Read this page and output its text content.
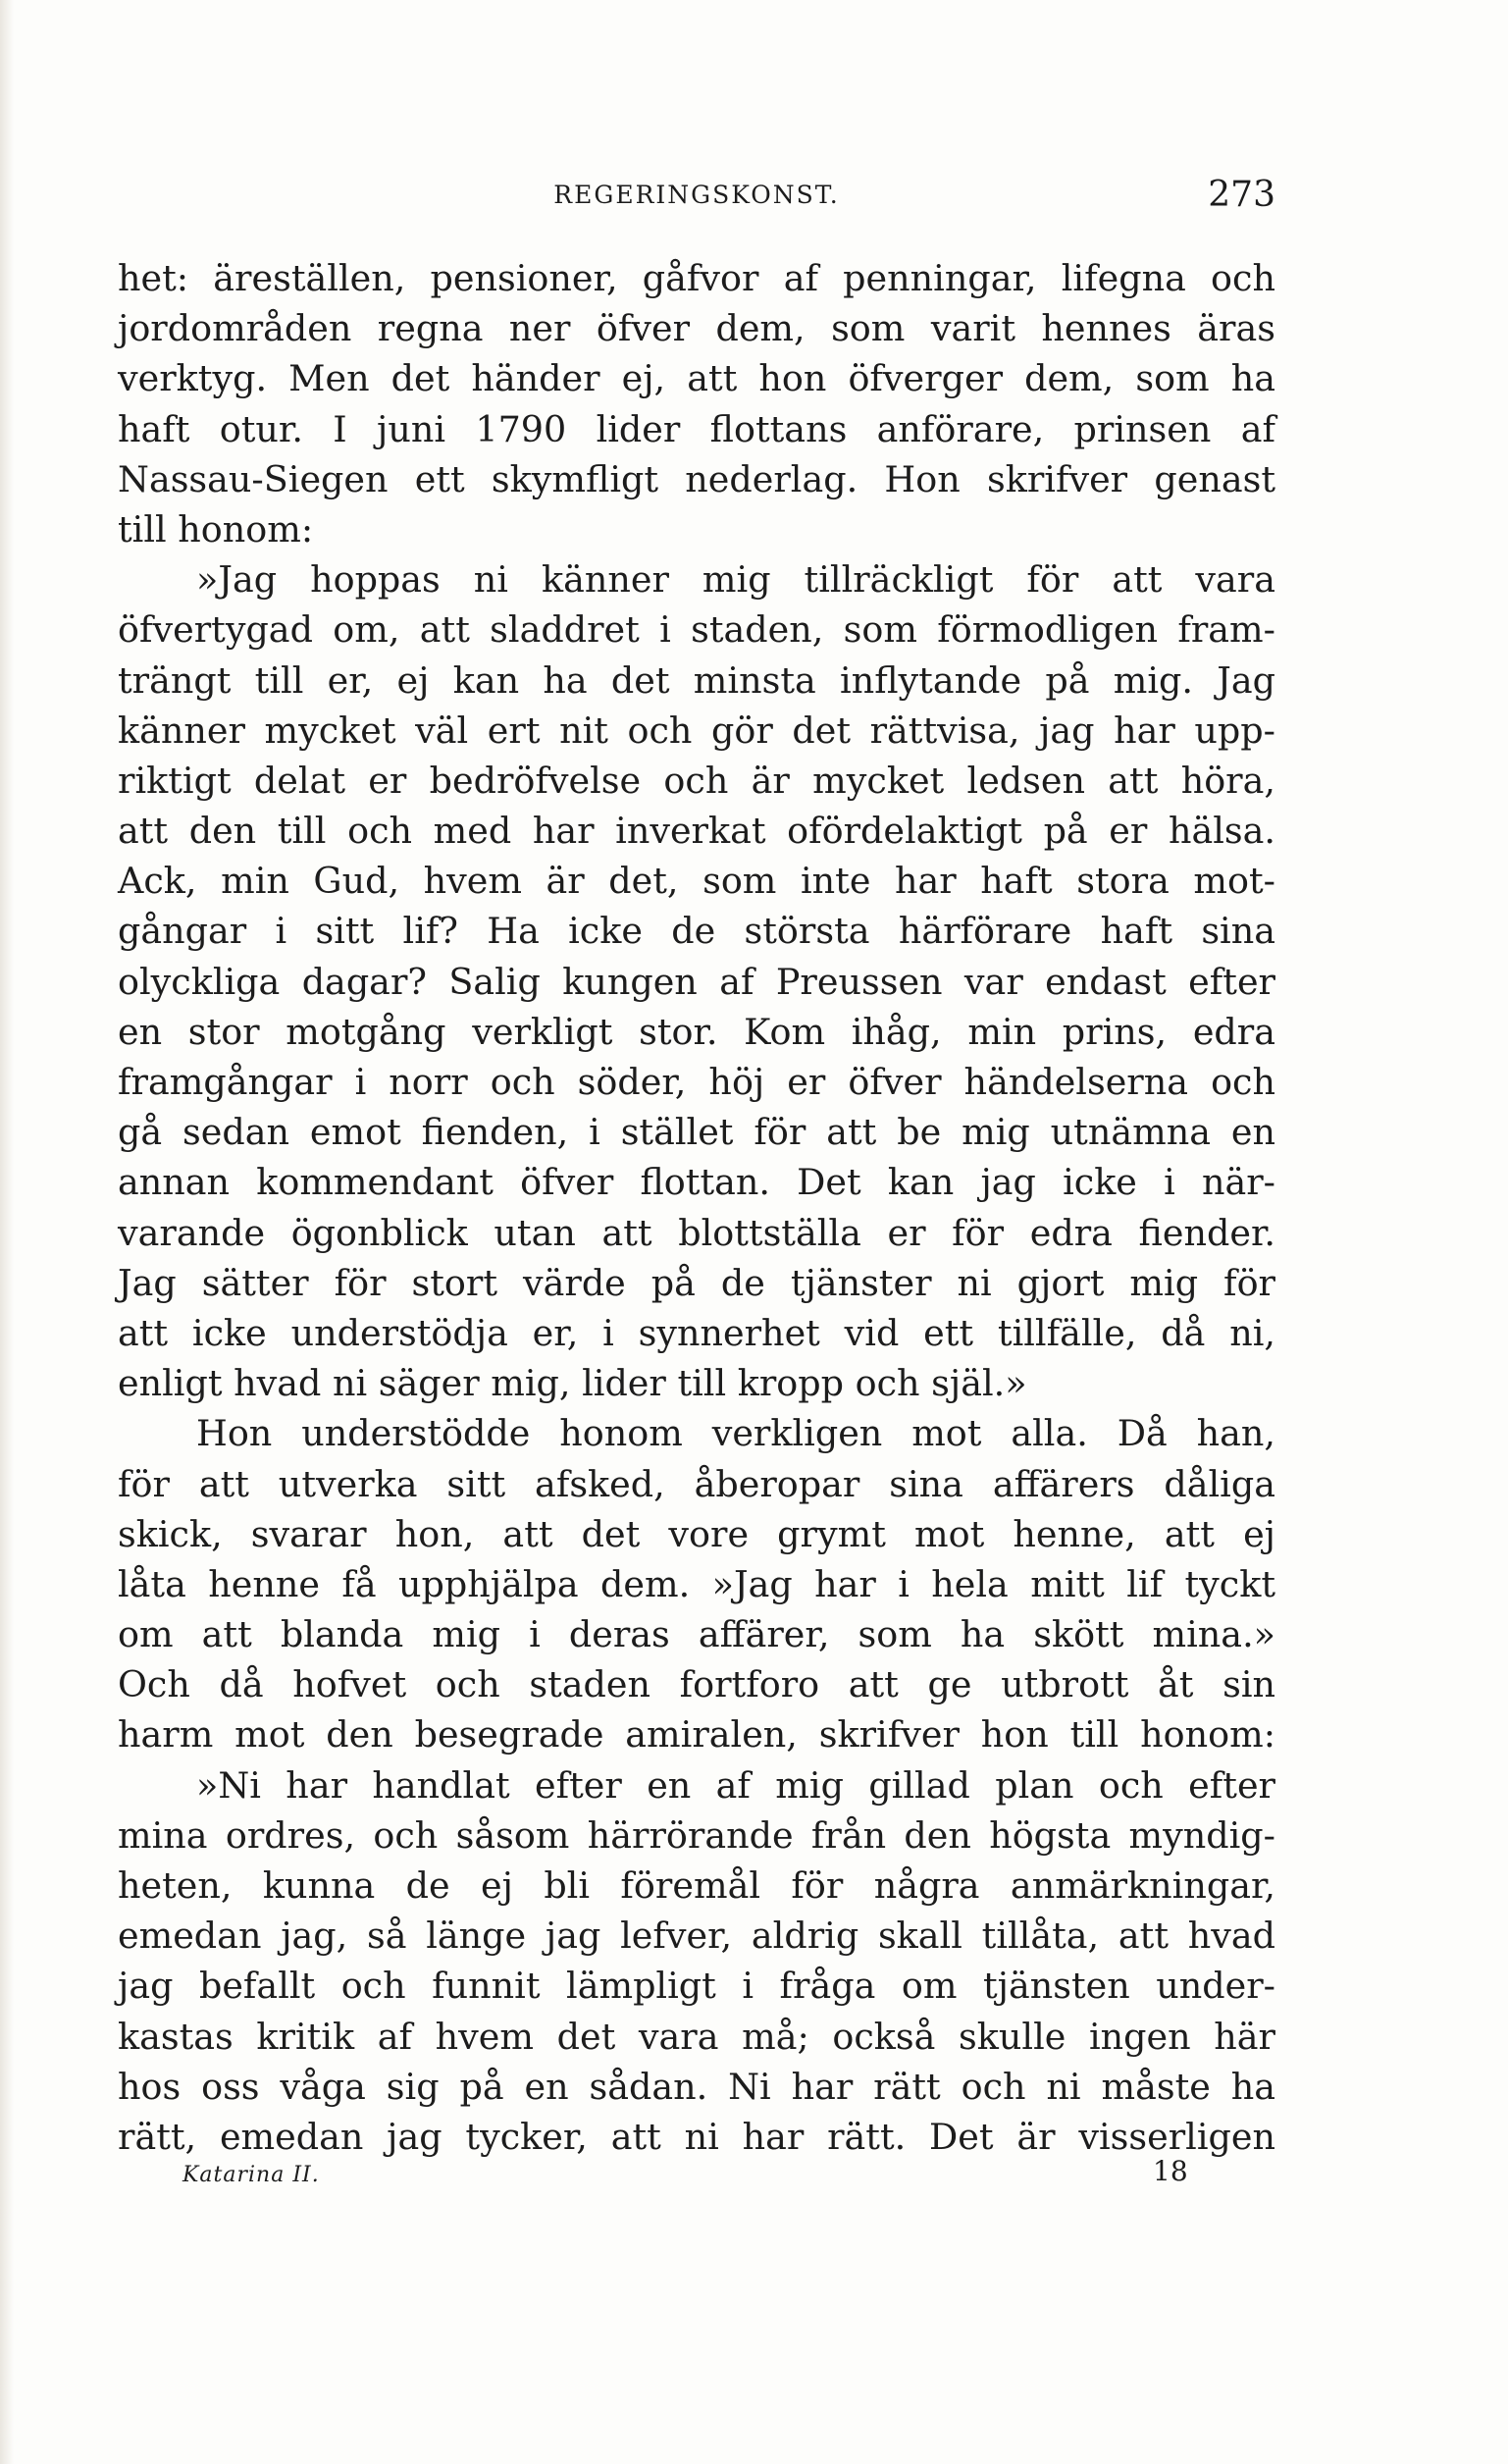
REGERINGSKONST.	273
het: äreställen, pensioner, gåfvor af penningar, lifegna och
jordområden regna ner öfver dem, som varit hennes äras
verktyg. Men det händer ej, att hon öfverger dem, som ha
haft otur. I juni 1790 lider flottans anförare, prinsen af
Nassau-Siegen ett skymfligt nederlag. Hon skrifver genast
till honom:
»Jag hoppas ni känner mig tillräckligt för att vara
öfvertygad om, att sladdret i staden, som förmodligen fram-
trängt till er, ej kan ha det minsta inflytande på mig. Jag
känner mycket väl ert nit och gör det rättvisa, jag har upp-
riktigt delat er bedröfvelse och är mycket ledsen att höra,
att den till och med har inverkat ofördelaktigt på er hälsa.
Ack, min Gud, hvem är det, som inte har haft stora mot-
gångar i sitt lif? Ha icke de största härförare haft sina
olyckliga dagar? Salig kungen af Preussen var endast efter
en stor motgång verkligt stor. Kom ihåg, min prins, edra
framgångar i norr och söder, höj er öfver händelserna och
gå sedan emot fienden, i stället för att be mig utnämna en
annan kommendant öfver flottan. Det kan jag icke i när-
varande ögonblick utan att blottställa er för edra fiender.
Jag sätter för stort värde på de tjänster ni gjort mig för
att icke understödja er, i synnerhet vid ett tillfälle, då ni,
enligt hvad ni säger mig, lider till kropp och själ.»
Hon understödde honom verkligen mot alla. Då han,
för att utverka sitt afsked, åberopar sina affärers dåliga
skick, svarar hon, att det vore grymt mot henne, att ej
låta henne få upphjälpa dem. »Jag har i hela mitt lif tyckt
om att blanda mig i deras affärer, som ha skött mina.»
Och då hofvet och staden fortforo att ge utbrott åt sin
harm mot den besegrade amiralen, skrifver hon till honom:
»Ni har handlat efter en af mig gillad plan och efter
mina ordres, och såsom härrörande från den högsta myndig-
heten, kunna de ej bli föremål för några anmärkningar,
emedan jag, så länge jag lefver, aldrig skall tillåta, att hvad
jag befallt och funnit lämpligt i fråga om tjänsten under-
kastas kritik af hvem det vara må; också skulle ingen här
hos oss våga sig på en sådan. Ni har rätt och ni måste ha
rätt, emedan jag tycker, att ni har rätt. Det är visserligen
Katarina II.	18
